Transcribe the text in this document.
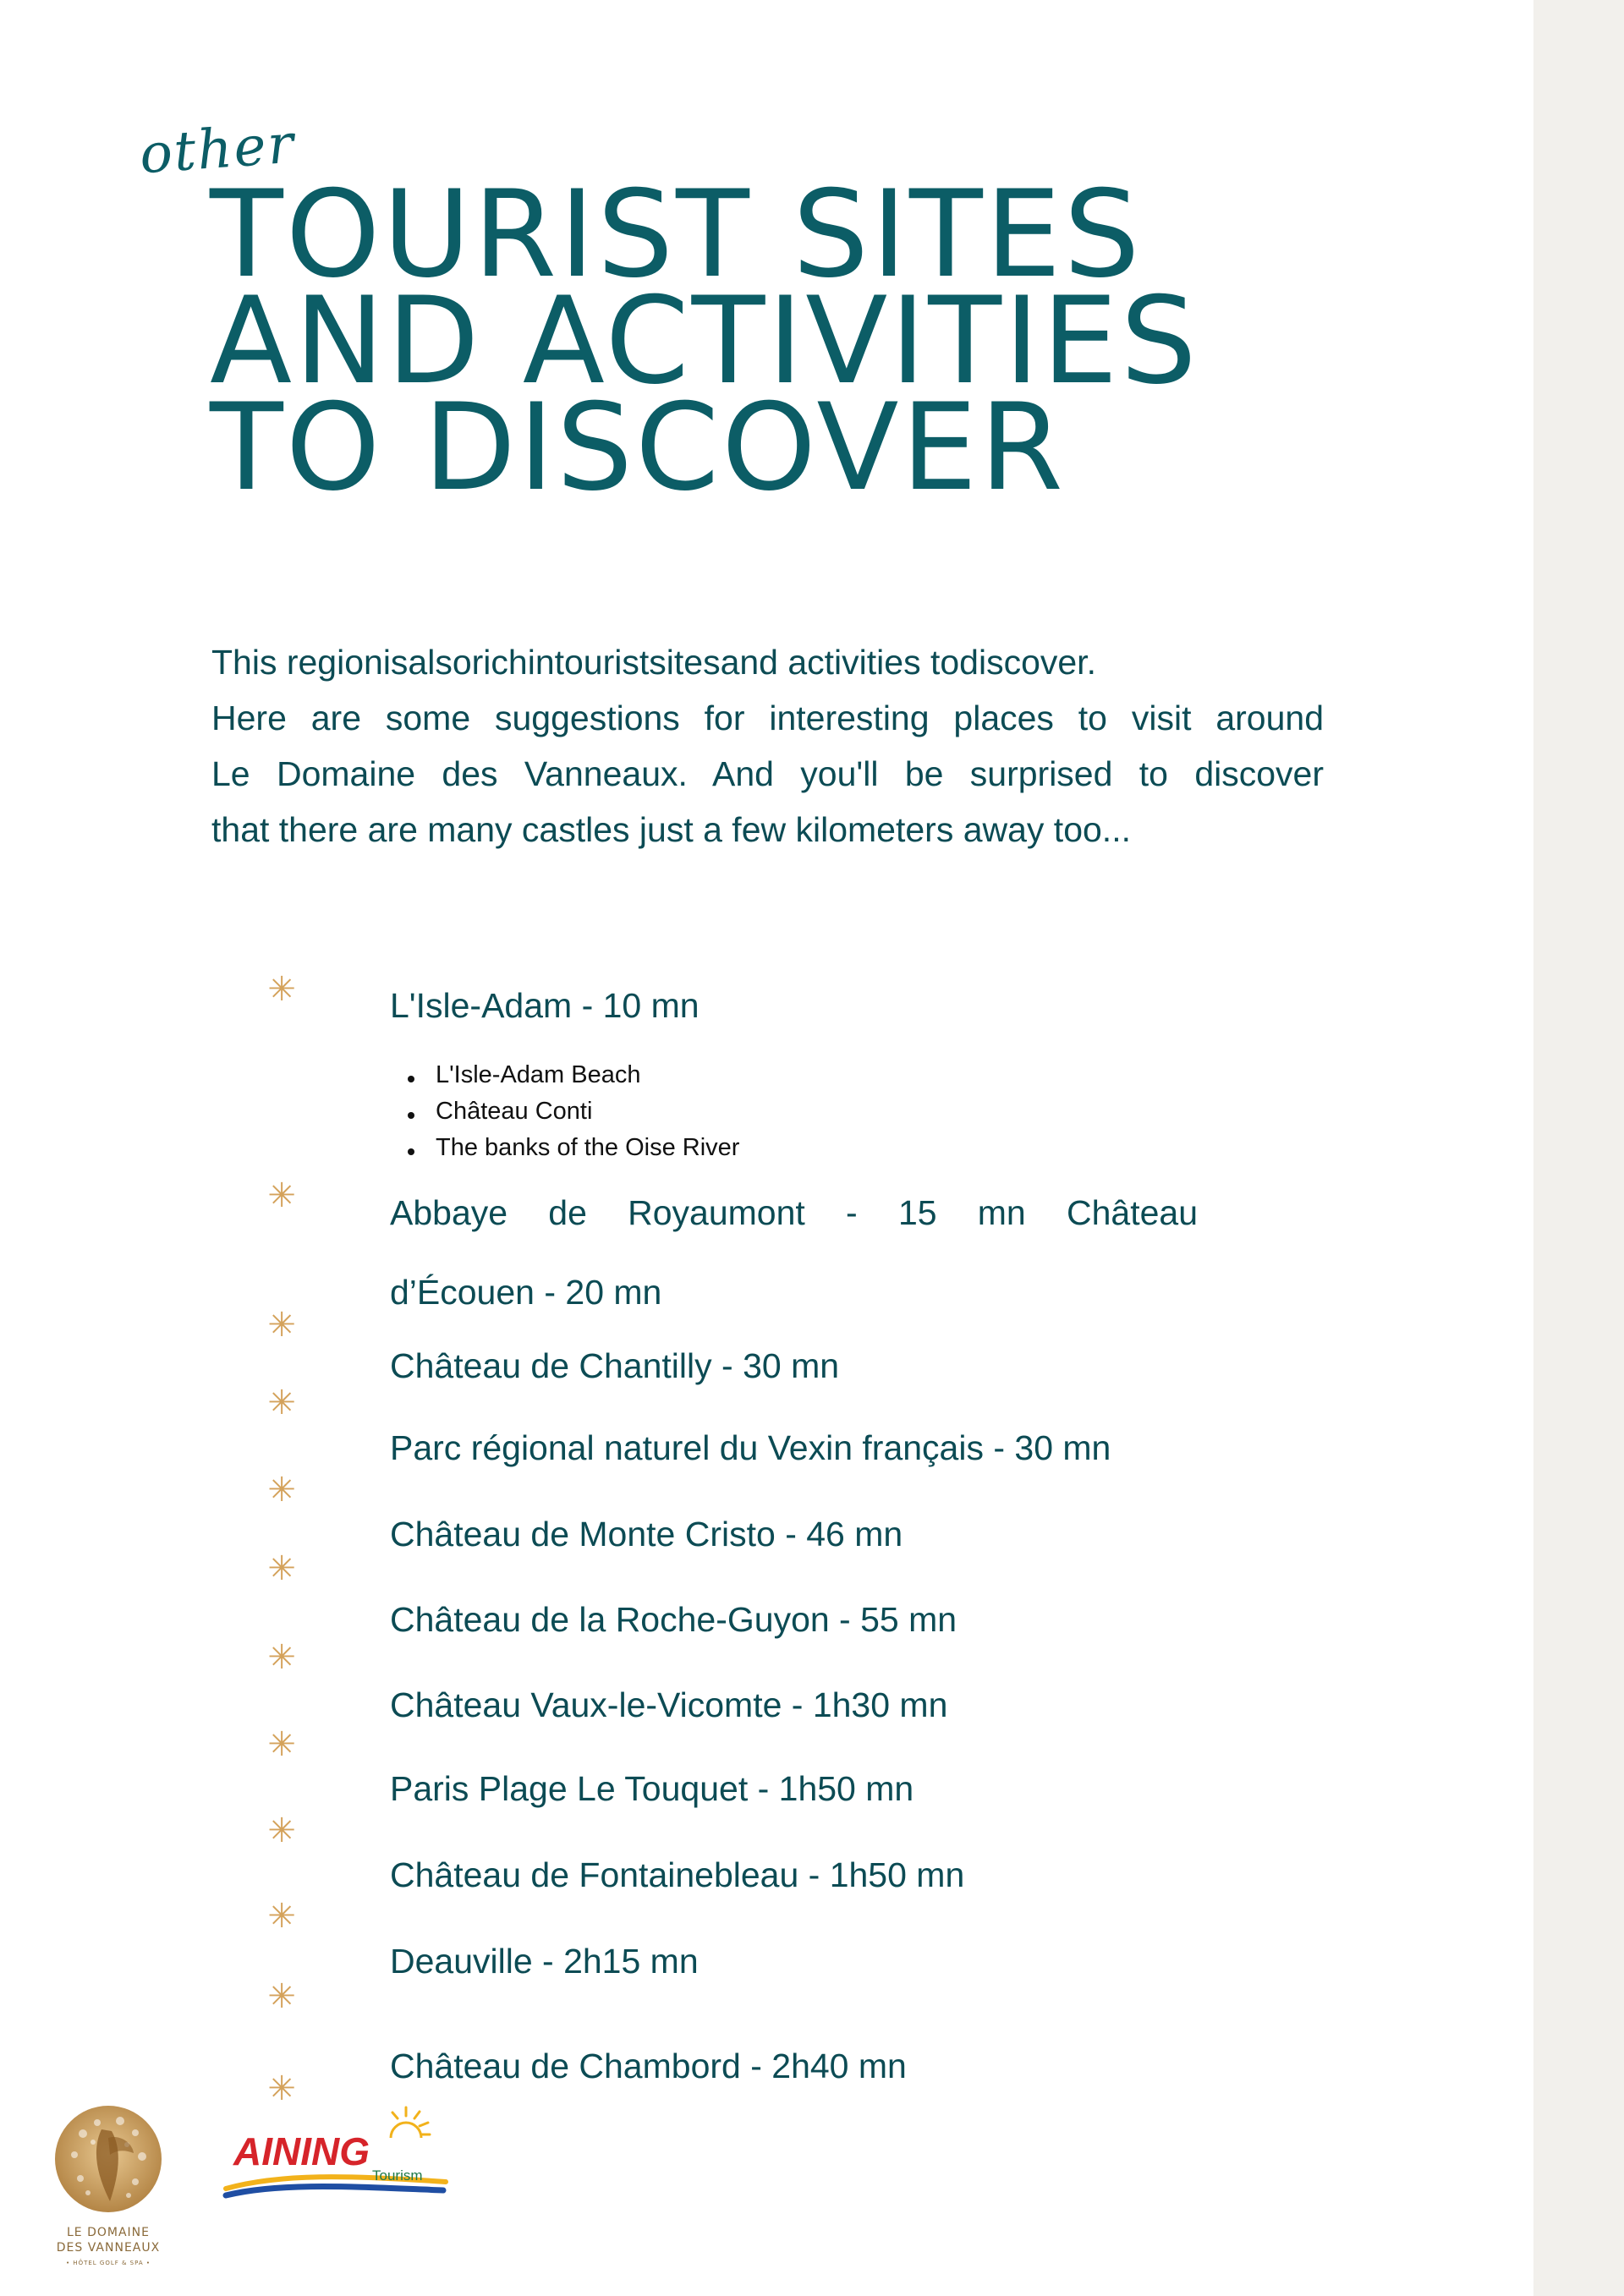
other
TOURIST SITES
AND ACTIVITIES
TO DISCOVER
This regionisalsorichintouristsitesand activities todiscover.
Here are some suggestions for interesting places to visit around
Le Domaine des Vanneaux. And you'll be surprised to discover
that there are many castles just a few kilometers away too...
✳
✳
✳
✳
✳
✳
✳
✳
✳
✳
✳
✳
L'Isle-Adam - 10 mn
L'Isle-Adam Beach
Château Conti
The banks of the Oise River
Abbaye de Royaumont - 15 mn Château
d’Écouen - 20 mn
Château de Chantilly - 30 mn
Parc régional naturel du Vexin français - 30 mn
Château de Monte Cristo - 46 mn
Château de la Roche-Guyon - 55 mn
Château Vaux-le-Vicomte - 1h30 mn
Paris Plage Le Touquet - 1h50 mn
Château de Fontainebleau - 1h50 mn
Deauville - 2h15 mn
Château de Chambord - 2h40 mn
LE DOMAINE
DES VANNEAUX
• HÔTEL GOLF & SPA •
AINING
Tourism
